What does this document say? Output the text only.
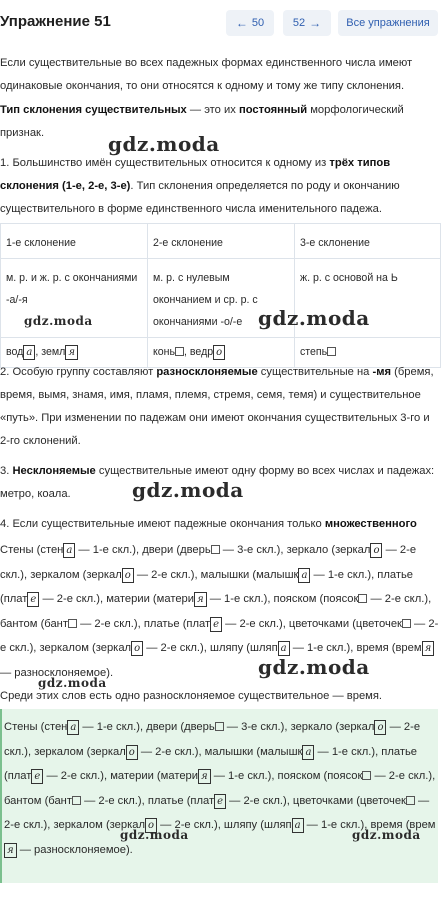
Упражнение 51	← 50	52 →	Все упражнения
Если существительные во всех падежных формах единственного числа имеют одинаковые окончания, то они относятся к одному и тому же типу склонения.
Тип склонения существительных — это их постоянный морфологический признак.
1. Большинство имён существительных относится к одному из трёх типов склонения (1-е, 2-е, 3-е). Тип склонения определяется по роду и окончанию существительного в форме единственного числа именительного падежа.
1-е склонение	2-е склонение	3-е склонение
м. р. и ж. р. с окончаниями -а/-я	м. р. с нулевым окончанием и ср. р. с окончаниями -о/-е	ж. р. с основой на Ь
вод а , земл я	конь , ведр о	степь
2. Особую группу составляют разносклоняемые существительные на -мя (бремя, время, вымя, знамя, имя, пламя, племя, стремя, семя, темя) и существительное «путь». При изменении по падежам они имеют окончания существительных 3-го и 2-го склонений.
3. Несклоняемые существительные имеют одну форму во всех числах и падежах: метро, коала.
4. Если существительные имеют падежные окончания только множественного
Стены (стен а — 1-е скл.), двери (дверь — 3-е скл.), зеркало (зеркал о — 2-е скл.), зеркалом (зеркал о — 2-е скл.), малышки (малышк а — 1-е скл.), платье (плат е — 2-е скл.), материи (матери я — 1-е скл.), пояском (поясок — 2-е скл.), бантом (бант — 2-е скл.), платье (плат е — 2-е скл.), цветочками (цветочек — 2-е скл.), зеркалом (зеркал о — 2-е скл.), шляпу (шляп а — 1-е скл.), время (врем я — разносклоняемое).
Среди этих слов есть одно разносклоняемое существительное — время.
Стены (стен а — 1-е скл.), двери (дверь — 3-е скл.), зеркало (зеркал о — 2-е скл.), зеркалом (зеркал о — 2-е скл.), малышки (малышк а — 1-е скл.), платье (плат е — 2-е скл.), материи (матери я — 1-е скл.), пояском (поясок — 2-е скл.), бантом (бант — 2-е скл.), платье (плат е — 2-е скл.), цветочками (цветочек — 2-е скл.), зеркалом (зеркал о — 2-е скл.), шляпу (шляп а — 1-е скл.), время (время — разносклоняемое).
gdz.moda
gdz.moda	gdz.moda
gdz.moda
gdz.moda
gdz.moda
gdz.moda	gdz.moda
